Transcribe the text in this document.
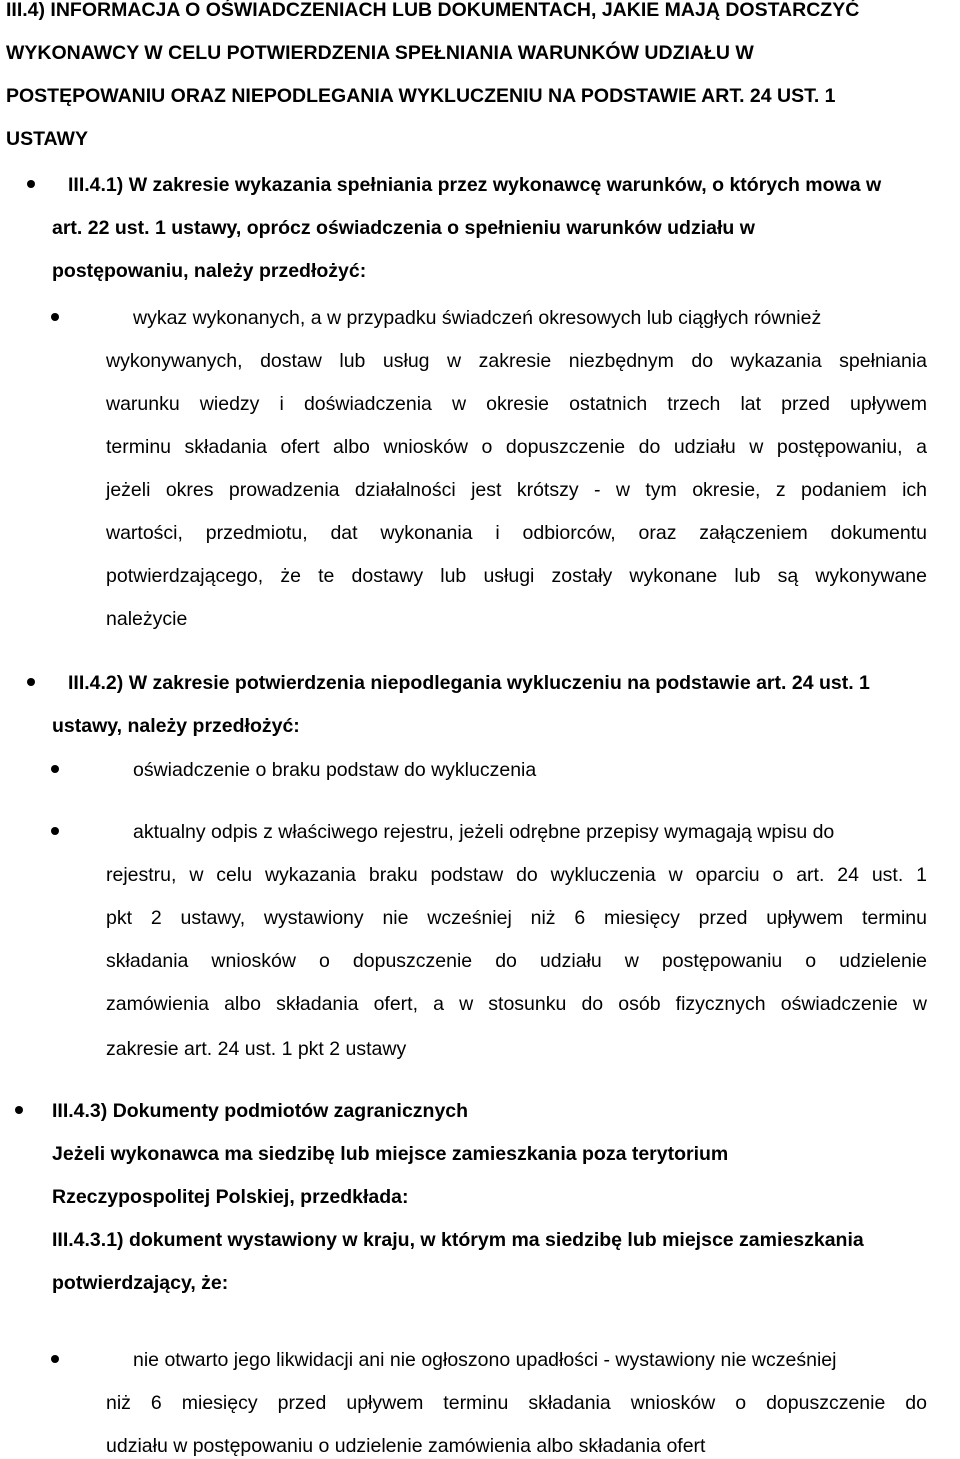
III.4) INFORMACJA O OŚWIADCZENIACH LUB DOKUMENTACH, JAKIE MAJĄ DOSTARCZYĆ
WYKONAWCY W CELU POTWIERDZENIA SPEŁNIANIA WARUNKÓW UDZIAŁU W
POSTĘPOWANIU ORAZ NIEPODLEGANIA WYKLUCZENIU NA PODSTAWIE ART. 24 UST. 1
USTAWY
III.4.1) W zakresie wykazania spełniania przez wykonawcę warunków, o których mowa w
art. 22 ust. 1 ustawy, oprócz oświadczenia o spełnieniu warunków udziału w
postępowaniu, należy przedłożyć:
wykaz wykonanych, a w przypadku świadczeń okresowych lub ciągłych również
wykonywanych, dostaw lub usług w zakresie niezbędnym do wykazania spełniania
warunku wiedzy i doświadczenia w okresie ostatnich trzech lat przed upływem
terminu składania ofert albo wniosków o dopuszczenie do udziału w postępowaniu, a
jeżeli okres prowadzenia działalności jest krótszy - w tym okresie, z podaniem ich
wartości, przedmiotu, dat wykonania i odbiorców, oraz załączeniem dokumentu
potwierdzającego, że te dostawy lub usługi zostały wykonane lub są wykonywane
należycie
III.4.2) W zakresie potwierdzenia niepodlegania wykluczeniu na podstawie art. 24 ust. 1
ustawy, należy przedłożyć:
oświadczenie o braku podstaw do wykluczenia
aktualny odpis z właściwego rejestru, jeżeli odrębne przepisy wymagają wpisu do
rejestru, w celu wykazania braku podstaw do wykluczenia w oparciu o art. 24 ust. 1
pkt 2 ustawy, wystawiony nie wcześniej niż 6 miesięcy przed upływem terminu
składania wniosków o dopuszczenie do udziału w postępowaniu o udzielenie
zamówienia albo składania ofert, a w stosunku do osób fizycznych oświadczenie w
zakresie art. 24 ust. 1 pkt 2 ustawy
III.4.3) Dokumenty podmiotów zagranicznych
Jeżeli wykonawca ma siedzibę lub miejsce zamieszkania poza terytorium
Rzeczypospolitej Polskiej, przedkłada:
III.4.3.1) dokument wystawiony w kraju, w którym ma siedzibę lub miejsce zamieszkania
potwierdzający, że:
nie otwarto jego likwidacji ani nie ogłoszono upadłości - wystawiony nie wcześniej
niż 6 miesięcy przed upływem terminu składania wniosków o dopuszczenie do
udziału w postępowaniu o udzielenie zamówienia albo składania ofert
